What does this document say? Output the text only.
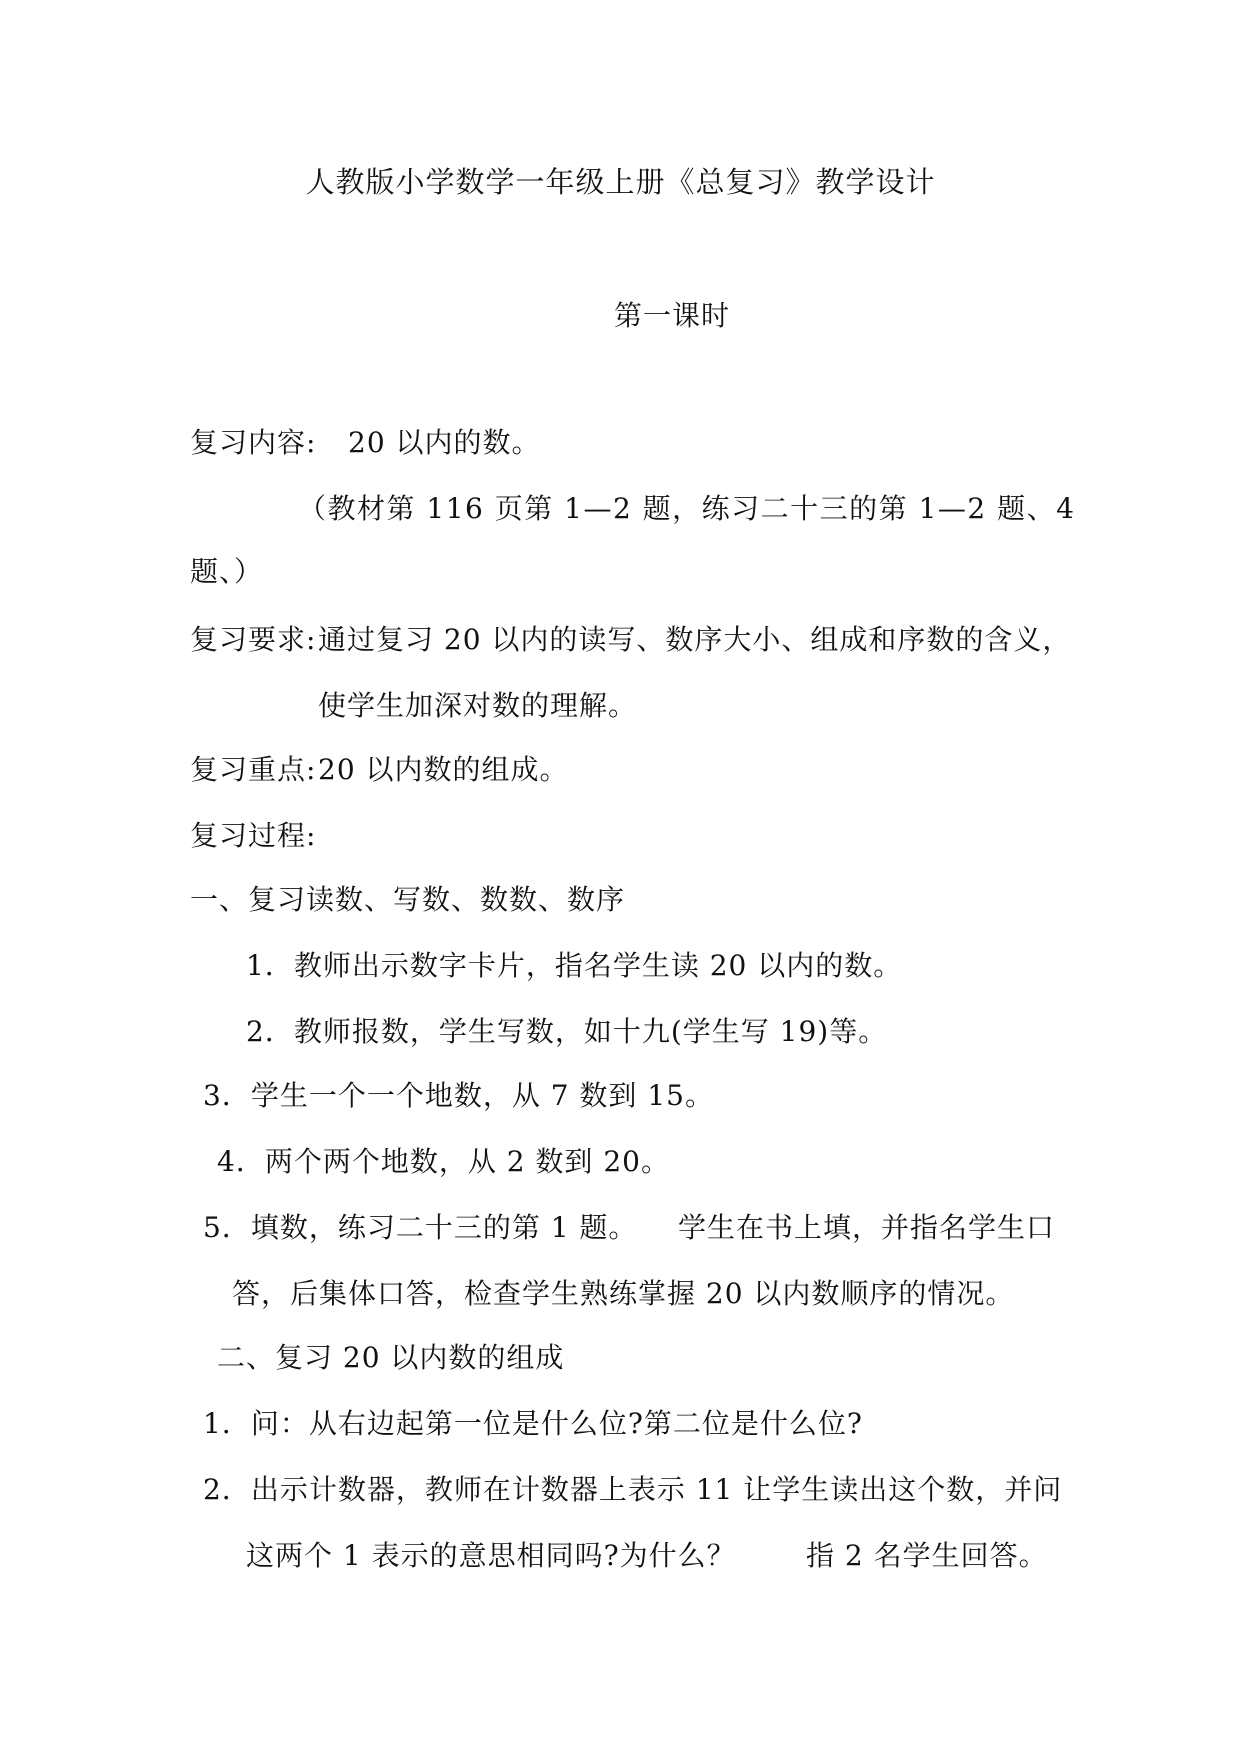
人教版小学数学一年级上册《总复习》教学设计
第一课时
复习内容: 20 以内的数。
（教材第 116 页第 1—2 题，练习二十三的第 1—2 题、4
题、）
复习要求: 通过复习 20 以内的读写、数序大小、组成和序数的含义，
使学生加深对数的理解。
复习重点: 20 以内数的组成。
复习过程:
一、复习读数、写数、数数、数序
1．教师出示数字卡片，指名学生读 20 以内的数。
2．教师报数，学生写数，如十九(学生写 19)等。
3．学生一个一个地数，从 7 数到 15。
4．两个两个地数，从 2 数到 20。
5．填数，练习二十三的第 1 题。 学生在书上填，并指名学生口
答，后集体口答，检查学生熟练掌握 20 以内数顺序的情况。
二、复习 20 以内数的组成
1．问：从右边起第一位是什么位?第二位是什么位?
2．出示计数器，教师在计数器上表示 11 让学生读出这个数，并问
这两个 1 表示的意思相同吗?为什么？	指 2 名学生回答。
